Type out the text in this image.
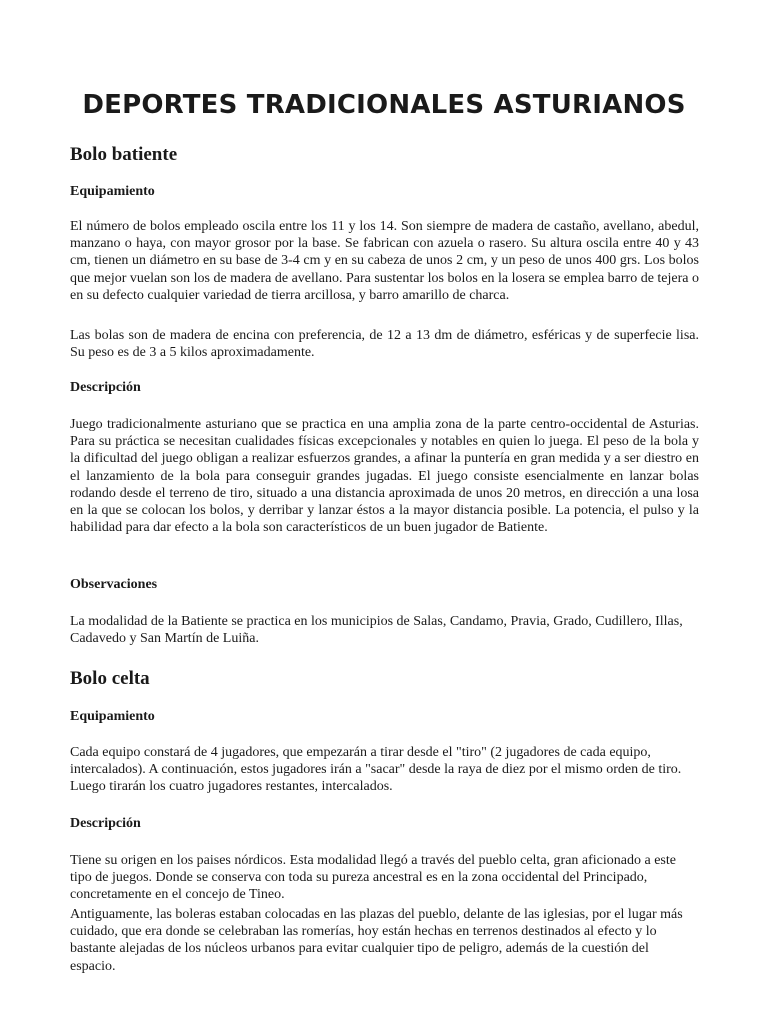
DEPORTES TRADICIONALES ASTURIANOS
Bolo batiente
Equipamiento

El número de bolos empleado oscila entre los 11 y los 14. Son siempre de madera de castaño, avellano, abedul, manzano o haya, con mayor grosor por la base. Se fabrican con azuela o rasero. Su altura oscila entre 40 y 43 cm, tienen un diámetro en su base de 3-4 cm y en su cabeza de unos 2 cm, y un peso de unos 400 grs. Los bolos que mejor vuelan son los de madera de avellano. Para sustentar los bolos en la losera se emplea barro de tejera o en su defecto cualquier variedad de tierra arcillosa, y barro amarillo de charca.

Las bolas son de madera de encina con preferencia, de 12 a 13 dm de diámetro, esféricas y de superfecie lisa. Su peso es de 3 a 5 kilos aproximadamente.

Descripción

Juego tradicionalmente asturiano que se practica en una amplia zona de la parte centro-occidental de Asturias. Para su práctica se necesitan cualidades físicas excepcionales y notables en quien lo juega. El peso de la bola y la dificultad del juego obligan a realizar esfuerzos grandes, a afinar la puntería en gran medida y a ser diestro en el lanzamiento de la bola para conseguir grandes jugadas. El juego consiste esencialmente en lanzar bolas rodando desde el terreno de tiro, situado a una distancia aproximada de unos 20 metros, en dirección a una losa en la que se colocan los bolos, y derribar y lanzar éstos a la mayor distancia posible. La potencia, el pulso y la habilidad para dar efecto a la bola son característicos de un buen jugador de Batiente.

Observaciones

La modalidad de la Batiente se practica en los municipios de Salas, Candamo, Pravia, Grado, Cudillero, Illas, Cadavedo y San Martín de Luiña.

Bolo celta
Equipamiento

Cada equipo constará de 4 jugadores, que empezarán a tirar desde el "tiro" (2 jugadores de cada equipo, intercalados). A continuación, estos jugadores irán a "sacar" desde la raya de diez por el mismo orden de tiro. Luego tirarán los cuatro jugadores restantes, intercalados.

Descripción

Tiene su origen en los paises nórdicos. Esta modalidad llegó a través del pueblo celta, gran aficionado a este tipo de juegos. Donde se conserva con toda su pureza ancestral es en la zona occidental del Principado, concretamente en el concejo de Tineo.

Antiguamente, las boleras estaban colocadas en las plazas del pueblo, delante de las iglesias, por el lugar más cuidado, que era donde se celebraban las romerías, hoy están hechas en terrenos destinados al efecto y lo bastante alejadas de los núcleos urbanos para evitar cualquier tipo de peligro, además de la cuestión del espacio.
